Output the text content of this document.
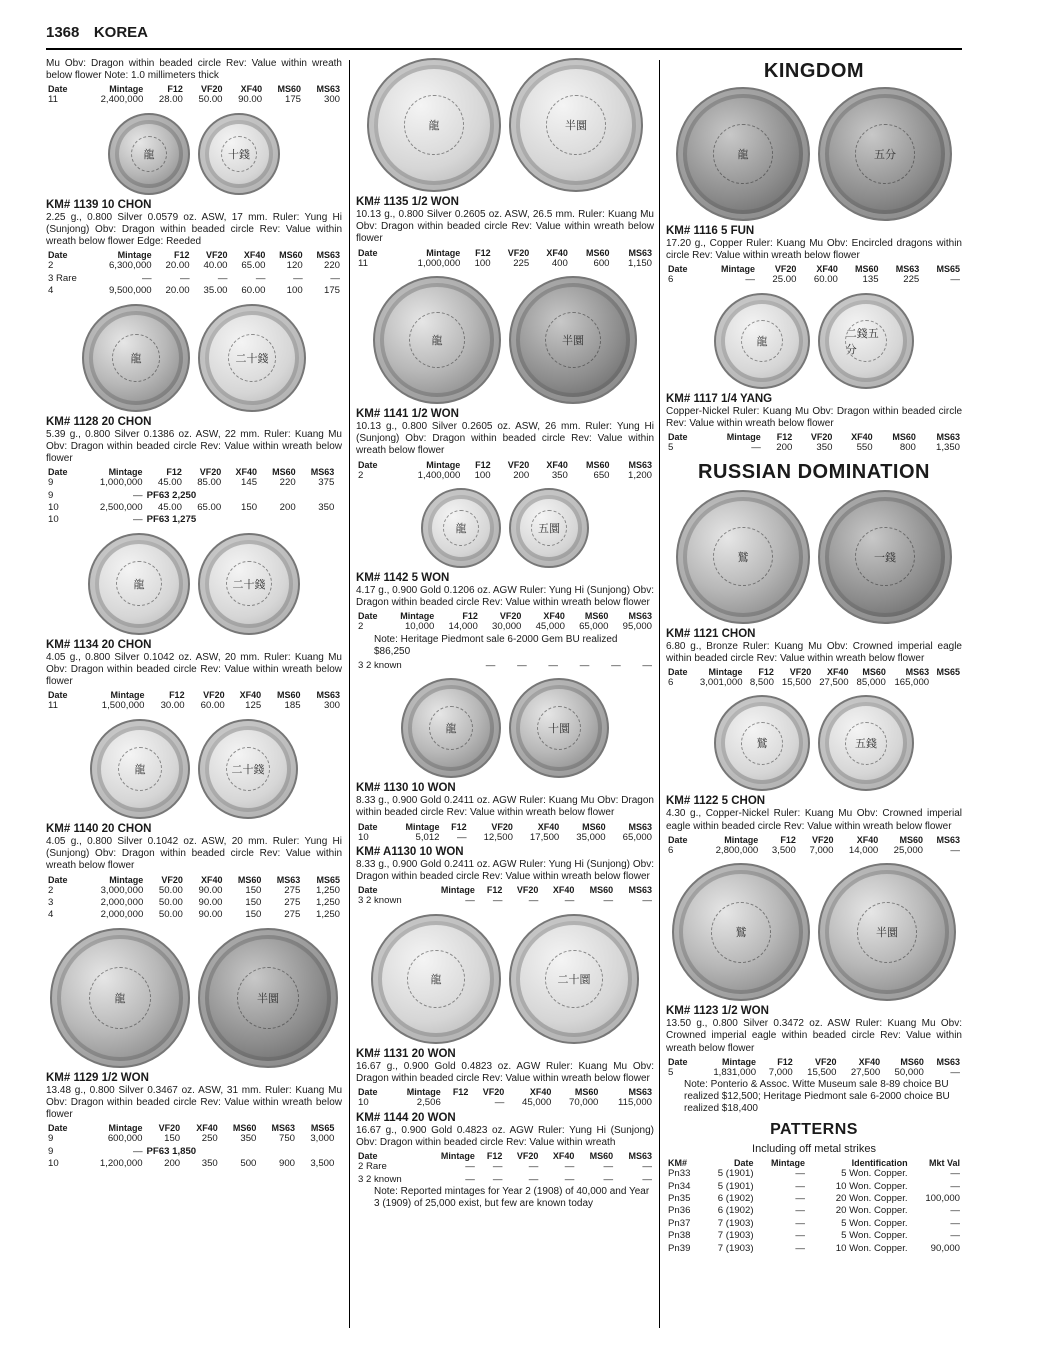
1368 KOREA
Mu Obv: Dragon within beaded circle Rev: Value within wreath below flower Note: 1.0 millimeters thick
Date	Mintage	F12	VF20	XF40	MS60	MS63
11	2,400,000	28.00	50.00	90.00	175	300
龍	十錢
KM# 1139 10 CHON
2.25 g., 0.800 Silver 0.0579 oz. ASW, 17 mm. Ruler: Yung Hi (Sunjong) Obv: Dragon within beaded circle Rev: Value within wreath below flower Edge: Reeded
Date	Mintage	F12	VF20	XF40	MS60	MS63
2	6,300,000	20.00	40.00	65.00	120	220
3 Rare	—	—	—	—	—	—
4	9,500,000	20.00	35.00	60.00	100	175
龍	二十錢
KM# 1128 20 CHON
5.39 g., 0.800 Silver 0.1386 oz. ASW, 22 mm. Ruler: Kuang Mu Obv: Dragon within beaded circle Rev: Value within wreath below flower
Date	Mintage	F12	VF20	XF40	MS60	MS63	
9	1,000,000	45.00	85.00	145	220	375	
9	—	PF63 2,250					
10	2,500,000	45.00	65.00	150	200	350	
10	—	PF63 1,275					
龍	二十錢
KM# 1134 20 CHON
4.05 g., 0.800 Silver 0.1042 oz. ASW, 20 mm. Ruler: Kuang Mu Obv: Dragon within beaded circle Rev: Value within wreath below flower
Date	Mintage	F12	VF20	XF40	MS60	MS63
11	1,500,000	30.00	60.00	125	185	300
龍	二十錢
KM# 1140 20 CHON
4.05 g., 0.800 Silver 0.1042 oz. ASW, 20 mm. Ruler: Yung Hi (Sunjong) Obv: Dragon within beaded circle Rev: Value within wreath below flower
Date	Mintage	VF20	XF40	MS60	MS63	MS65
2	3,000,000	50.00	90.00	150	275	1,250
3	2,000,000	50.00	90.00	150	275	1,250
4	2,000,000	50.00	90.00	150	275	1,250
龍	半圜
KM# 1129 1/2 WON
13.48 g., 0.800 Silver 0.3467 oz. ASW, 31 mm. Ruler: Kuang Mu Obv: Dragon within beaded circle Rev: Value within wreath below flower
Date	Mintage	VF20	XF40	MS60	MS63	MS65	
9	600,000	150	250	350	750	3,000	
9	—	PF63 1,850					
10	1,200,000	200	350	500	900	3,500	
龍	半圜
KM# 1135 1/2 WON
10.13 g., 0.800 Silver 0.2605 oz. ASW, 26.5 mm. Ruler: Kuang Mu Obv: Dragon within beaded circle Rev: Value within wreath below flower
Date	Mintage	F12	VF20	XF40	MS60	MS63
11	1,000,000	100	225	400	600	1,150
龍	半圜
KM# 1141 1/2 WON
10.13 g., 0.800 Silver 0.2605 oz. ASW, 26 mm. Ruler: Yung Hi (Sunjong) Obv: Dragon within beaded circle Rev: Value within wreath below flower
Date	Mintage	F12	VF20	XF40	MS60	MS63
2	1,400,000	100	200	350	650	1,200
龍	五圜
KM# 1142 5 WON
4.17 g., 0.900 Gold 0.1206 oz. AGW Ruler: Yung Hi (Sunjong) Obv: Dragon within beaded circle Rev: Value within wreath below flower
Date	Mintage	F12	VF20	XF40	MS60	MS63
2	10,000	14,000	30,000	45,000	65,000	95,000
Note: Heritage Piedmont sale 6-2000 Gem BU realized $86,250
3 2 known	—	—	—	—	—	—
龍	十圜
KM# 1130 10 WON
8.33 g., 0.900 Gold 0.2411 oz. AGW Ruler: Kuang Mu Obv: Dragon within beaded circle Rev: Value within wreath below flower
Date	Mintage	F12	VF20	XF40	MS60	MS63
10	5,012	—	12,500	17,500	35,000	65,000
KM# A1130 10 WON
8.33 g., 0.900 Gold 0.2411 oz. AGW Ruler: Yung Hi (Sunjong) Obv: Dragon within beaded circle Rev: Value within wreath below flower
Date	Mintage	F12	VF20	XF40	MS60	MS63
3 2 known	—	—	—	—	—	—
龍	二十圜
KM# 1131 20 WON
16.67 g., 0.900 Gold 0.4823 oz. AGW Ruler: Kuang Mu Obv: Dragon within beaded circle Rev: Value within wreath below flower
Date	Mintage	F12	VF20	XF40	MS60	MS63
10	2,506		—	45,000	70,000	115,000
KM# 1144 20 WON
16.67 g., 0.900 Gold 0.4823 oz. AGW Ruler: Yung Hi (Sunjong) Obv: Dragon within beaded circle Rev: Value within wreath
Date	Mintage	F12	VF20	XF40	MS60	MS63
2 Rare	—	—	—	—	—	—
3 2 known	—	—	—	—	—	—
Note: Reported mintages for Year 2 (1908) of 40,000 and Year 3 (1909) of 25,000 exist, but few are known today
KINGDOM
龍	五分
KM# 1116 5 FUN
17.20 g., Copper Ruler: Kuang Mu Obv: Encircled dragons within circle Rev: Value within wreath below flower
Date	Mintage	VF20	XF40	MS60	MS63	MS65
6	—	25.00	60.00	135	225	—
龍
二錢五分
KM# 1117 1/4 YANG
Copper-Nickel Ruler: Kuang Mu Obv: Dragon within beaded circle Rev: Value within wreath below flower
Date	Mintage	F12	VF20	XF40	MS60	MS63
5	—	200	350	550	800	1,350
RUSSIAN DOMINATION
鷲	一錢
KM# 1121 CHON
6.80 g., Bronze Ruler: Kuang Mu Obv: Crowned imperial eagle within beaded circle Rev: Value within wreath below flower
Date	Mintage	F12	VF20	XF40	MS60	MS63	MS65
6	3,001,000	8,500	15,500	27,500	85,000	165,000	
鷲	五錢
KM# 1122 5 CHON
4.30 g., Copper-Nickel Ruler: Kuang Mu Obv: Crowned imperial eagle within beaded circle Rev: Value within wreath below flower
Date	Mintage	F12	VF20	XF40	MS60	MS63
6	2,800,000	3,500	7,000	14,000	25,000	—
鷲	半圜
KM# 1123 1/2 WON
13.50 g., 0.800 Silver 0.3472 oz. ASW Ruler: Kuang Mu Obv: Crowned imperial eagle within beaded circle Rev: Value within wreath below flower
Date	Mintage	F12	VF20	XF40	MS60	MS63
5	1,831,000	7,000	15,500	27,500	50,000	—
Note: Ponterio & Assoc. Witte Museum sale 8-89 choice BU realized $12,500; Heritage Piedmont sale 6-2000 choice BU realized $18,400
PATTERNS
Including off metal strikes
KM#	Date	Mintage	Identification	Mkt Val
Pn33	5 (1901)	—	5 Won. Copper.	—
Pn34	5 (1901)	—	10 Won. Copper.	—
Pn35	6 (1902)	—	20 Won. Copper.	100,000
Pn36	6 (1902)	—	20 Won. Copper.	—
Pn37	7 (1903)	—	5 Won. Copper.	—
Pn38	7 (1903)	—	5 Won. Copper.	—
Pn39	7 (1903)	—	10 Won. Copper.	90,000
